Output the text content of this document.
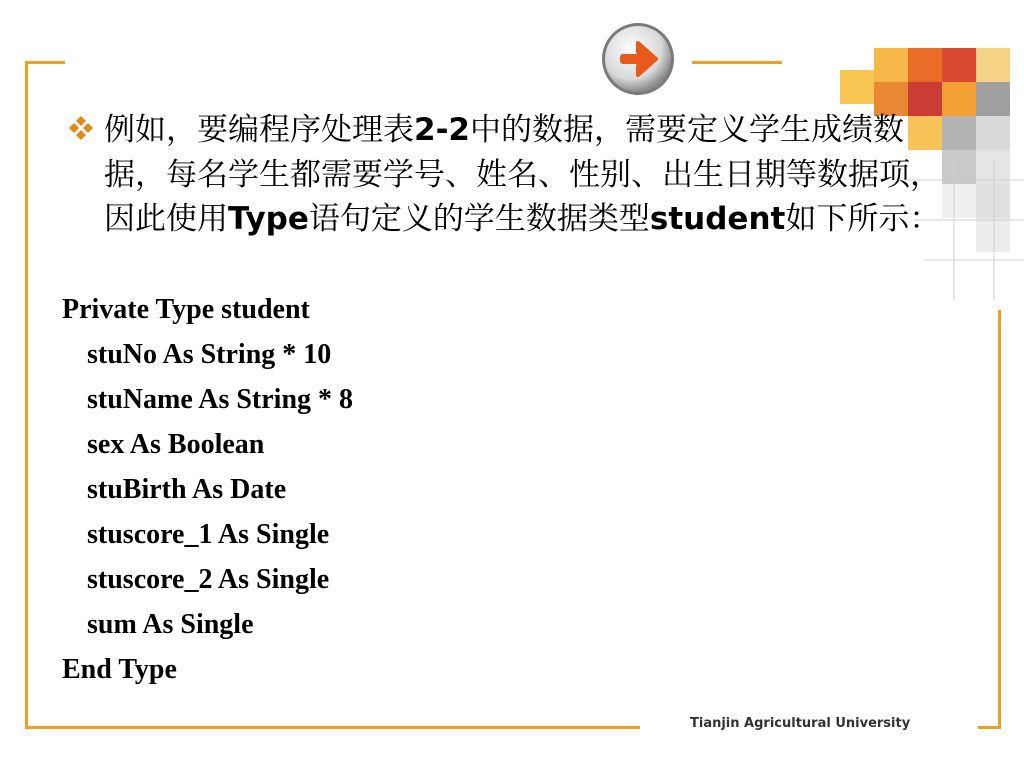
例如，要编程序处理表2-2中的数据，需要定义学生成绩数据，每名学生都需要学号、姓名、性别、出生日期等数据项，因此使用Type语句定义的学生数据类型student如下所示：
Private Type student
stuNo As String * 10
stuName As String * 8
sex As Boolean
stuBirth As Date
stuscore_1 As Single
stuscore_2 As Single
sum As Single
End Type
Tianjin Agricultural University
